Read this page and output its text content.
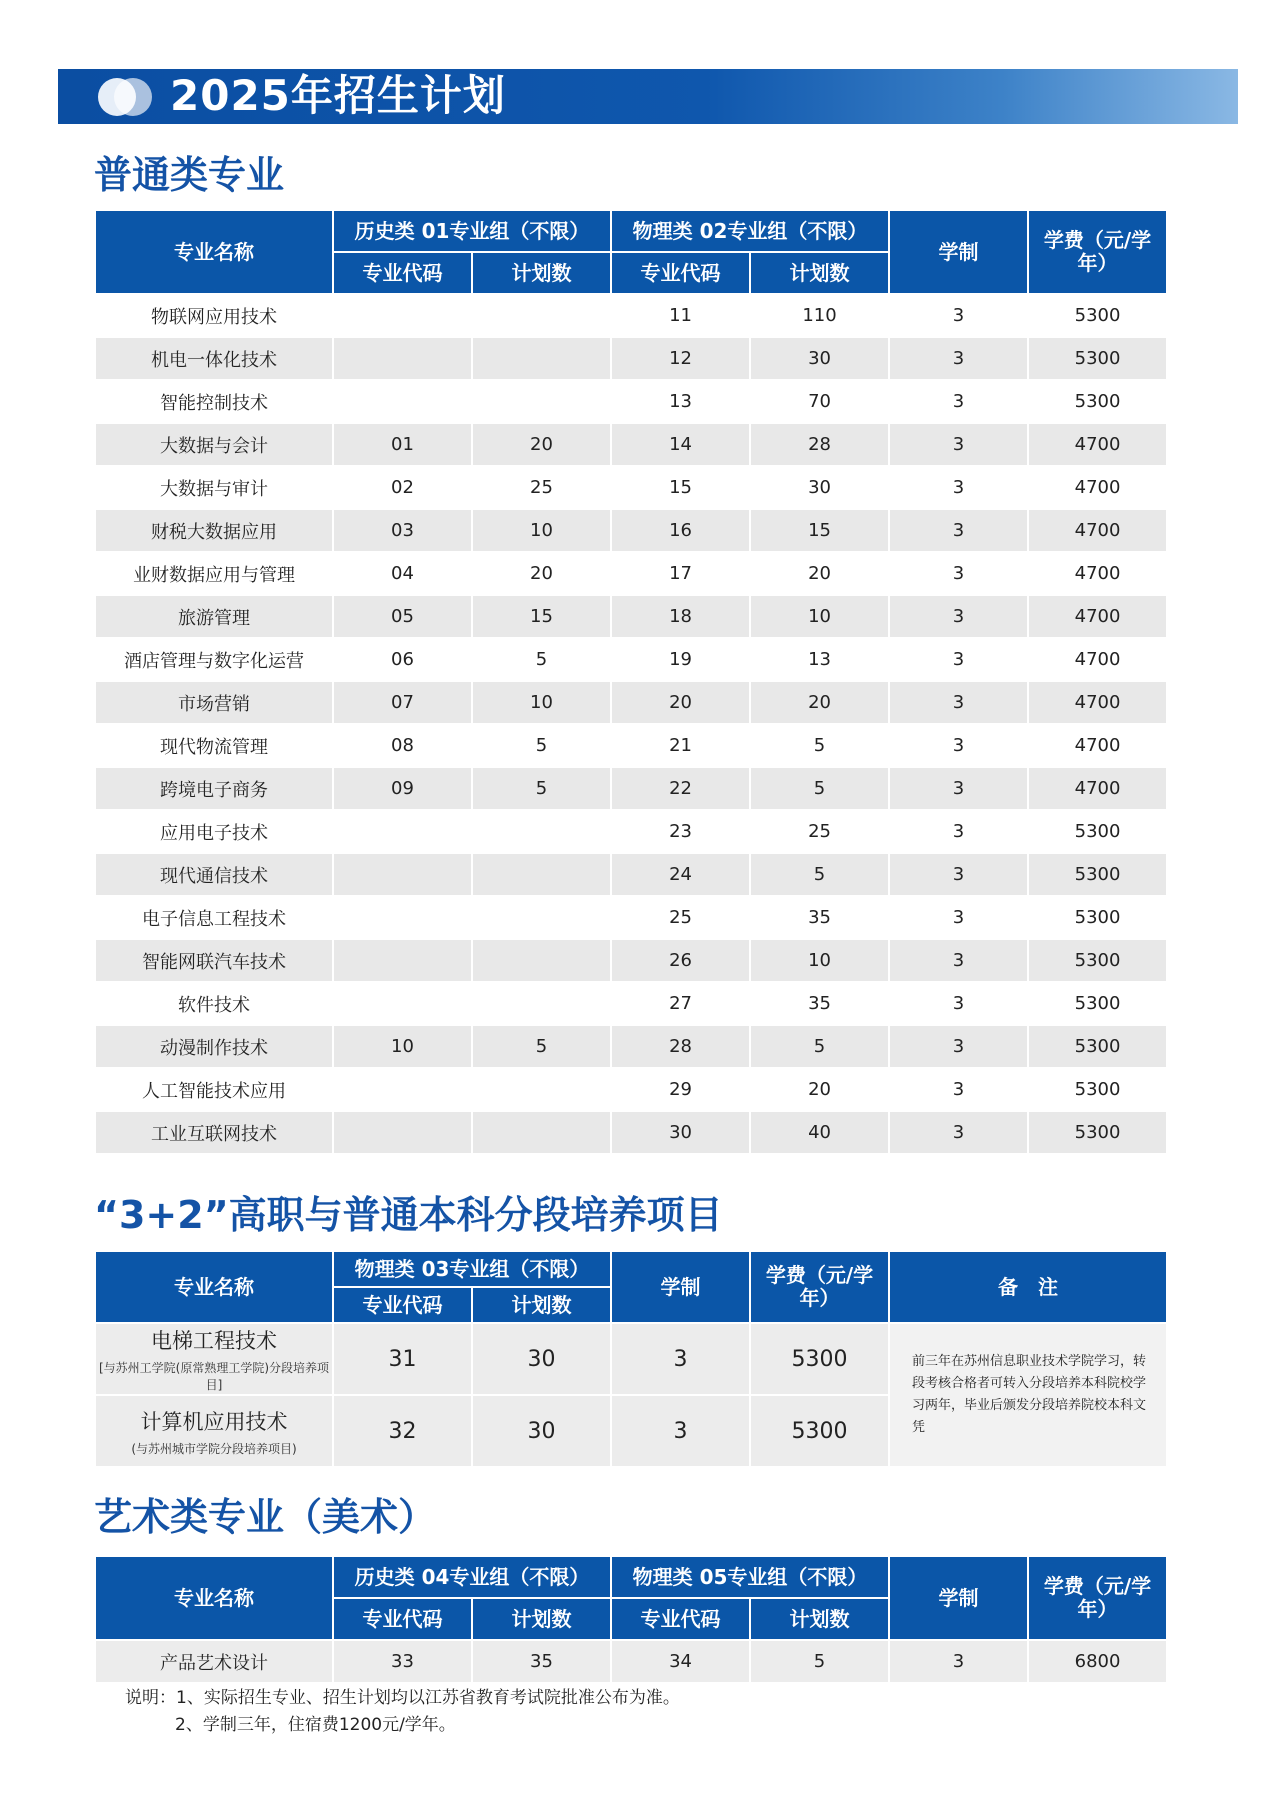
2025年招生计划
普通类专业
专业名称	历史类 01专业组（不限）		物理类 02专业组（不限）		学制	学费（元/学年）
	专业代码	计划数	专业代码	计划数		
物联网应用技术			11	110	3	5300
机电一体化技术			12	30	3	5300
智能控制技术			13	70	3	5300
大数据与会计	01	20	14	28	3	4700
大数据与审计	02	25	15	30	3	4700
财税大数据应用	03	10	16	15	3	4700
业财数据应用与管理	04	20	17	20	3	4700
旅游管理	05	15	18	10	3	4700
酒店管理与数字化运营	06	5	19	13	3	4700
市场营销	07	10	20	20	3	4700
现代物流管理	08	5	21	5	3	4700
跨境电子商务	09	5	22	5	3	4700
应用电子技术			23	25	3	5300
现代通信技术			24	5	3	5300
电子信息工程技术			25	35	3	5300
智能网联汽车技术			26	10	3	5300
软件技术			27	35	3	5300
动漫制作技术	10	5	28	5	3	5300
人工智能技术应用			29	20	3	5300
工业互联网技术			30	40	3	5300
“3+2”高职与普通本科分段培养项目
专业名称	物理类 03专业组（不限）		学制	学费（元/学年）	备　注
	专业代码	计划数			

电梯工程技术
[与苏州工学院(原常熟理工学院)分段培养项目]	31	30	3	5300	前三年在苏州信息职业技术学院学习，转段考核合格者可转入分段培养本科院校学习两年，毕业后颁发分段培养院校本科文凭

计算机应用技术
(与苏州城市学院分段培养项目)	32	30	3	5300	
艺术类专业（美术）
专业名称	历史类 04专业组（不限）		物理类 05专业组（不限）		学制	学费（元/学年）
	专业代码	计划数	专业代码	计划数		
产品艺术设计	33	35	34	5	3	6800
说明：1、实际招生专业、招生计划均以江苏省教育考试院批准公布为准。
2、学制三年，住宿费1200元/学年。
